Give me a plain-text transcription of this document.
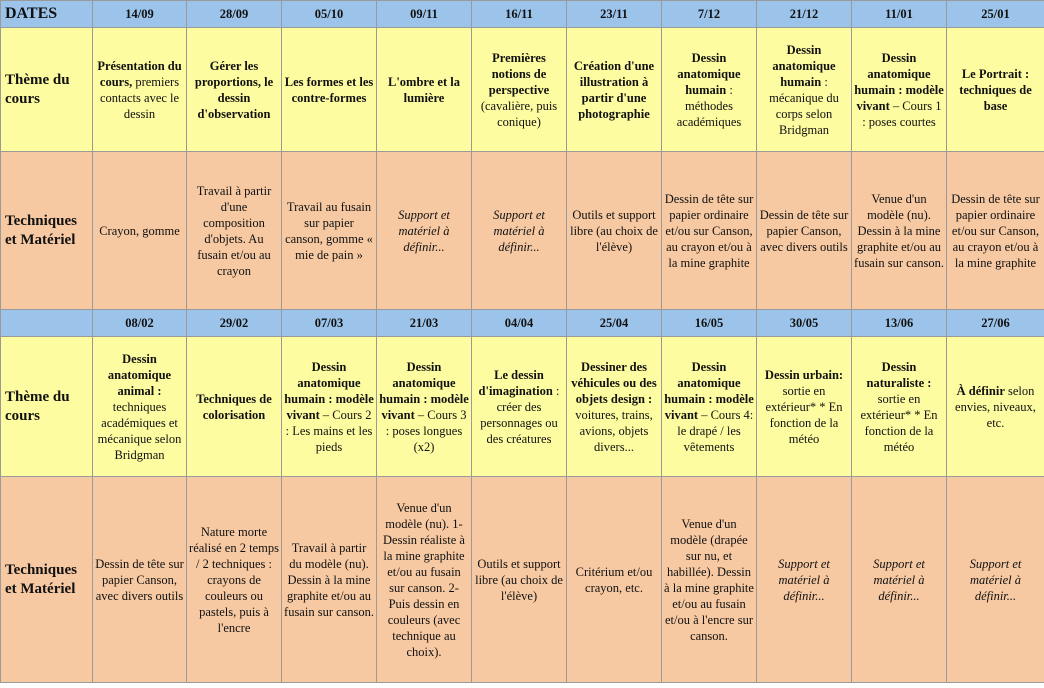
DATES	14/09	28/09	05/10	09/11	16/11	23/11	7/12	21/12	11/01	25/01
Thème du cours	Présentation du cours, premiers contacts avec le dessin	Gérer les proportions, le dessin d'observation	Les formes et les contre-formes	L'ombre et la lumière	Premières notions de perspective (cavalière, puis conique)	Création d'une illustration à partir d'une photographie	Dessin anatomique humain : méthodes académiques	Dessin anatomique humain : mécanique du corps selon Bridgman	Dessin anatomique humain : modèle vivant – Cours 1 : poses courtes	Le Portrait : techniques de base
Techniques et Matériel	Crayon, gomme	Travail à partir d'une composition d'objets. Au fusain et/ou au crayon	Travail au fusain sur papier canson, gomme « mie de pain »	Support et matériel à définir...	Support et matériel à définir...	Outils et support libre (au choix de l'élève)	Dessin de tête sur papier ordinaire et/ou sur Canson, au crayon et/ou à la mine graphite	Dessin de tête sur papier Canson, avec divers outils	Venue d'un modèle (nu). Dessin à la mine graphite et/ou au fusain sur canson.	Dessin de tête sur papier ordinaire et/ou sur Canson, au crayon et/ou à la mine graphite
	08/02	29/02	07/03	21/03	04/04	25/04	16/05	30/05	13/06	27/06
Thème du cours	Dessin anatomique animal : techniques académiques et mécanique selon Bridgman	Techniques de colorisation	Dessin anatomique humain : modèle vivant – Cours 2 : Les mains et les pieds	Dessin anatomique humain : modèle vivant – Cours 3 : poses longues (x2)	Le dessin d'imagination : créer des personnages ou des créatures	Dessiner des véhicules ou des objets design : voitures, trains, avions, objets divers...	Dessin anatomique humain : modèle vivant – Cours 4: le drapé / les vêtements	Dessin urbain: sortie en extérieur* * En fonction de la météo	Dessin naturaliste : sortie en extérieur* * En fonction de la météo	À définir selon envies, niveaux, etc.
Techniques et Matériel	Dessin de tête sur papier Canson, avec divers outils	Nature morte réalisé en 2 temps / 2 techniques : crayons de couleurs ou pastels, puis à l'encre	Travail à partir du modèle (nu). Dessin à la mine graphite et/ou au fusain sur canson.	Venue d'un modèle (nu). 1-Dessin réaliste à la mine graphite et/ou au fusain sur canson. 2-Puis dessin en couleurs (avec technique au choix).	Outils et support libre (au choix de l'élève)	Critérium et/ou crayon, etc.	Venue d'un modèle (drapée sur nu, et habillée). Dessin à la mine graphite et/ou au fusain et/ou à l'encre sur canson.	Support et matériel à définir...	Support et matériel à définir...	Support et matériel à définir...
